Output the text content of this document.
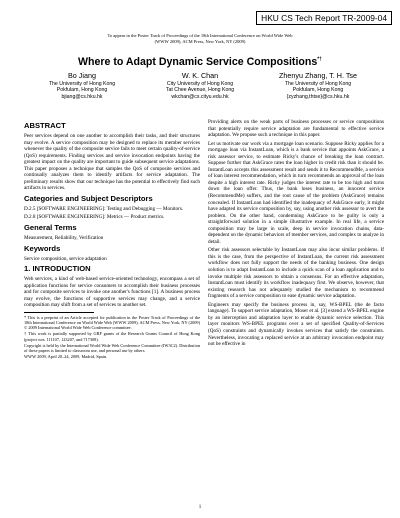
HKU CS Tech Report TR-2009-04
To appear in the Poster Track of Proceedings of the 18th International Conference on World Wide Web
(WWW 2009), ACM Press, New York, NY (2009)
Where to Adapt Dynamic Service Compositions*†
Bo Jiang
The University of Hong Kong
Pokfulam, Hong Kong
bjiang@cs.hku.hk
W. K. Chan
City University of Hong Kong
Tat Chee Avenue, Hong Kong
wkchan@cs.cityu.edu.hk
Zhenyu Zhang, T. H. Tse
The University of Hong Kong
Pokfulam, Hong Kong
{zyzhang,thtse}@cs.hku.hk
ABSTRACT

Peer services depend on one another to accomplish their tasks, and their structures may evolve. A service composition may be designed to replace its member services whenever the quality of the composite service fails to meet certain quality-of-service (QoS) requirements. Finding services and service invocation endpoints having the greatest impact on the quality are important to guide subsequent service adaptations. This paper proposes a technique that samples the QoS of composite services and continually analyzes them to identify artifacts for service adaptation. The preliminary results show that our technique has the potential to effectively find such artifacts in services.

Categories and Subject Descriptors

D.2.5 [SOFTWARE ENGINEERING]: Testing and Debugging — Monitors.

D.2.8 [SOFTWARE ENGINEERING]: Metrics — Product metrics.

General Terms

Measurement, Reliability, Verification

Keywords

Service composition, service adaptation

1. INTRODUCTION

Web services, a kind of web-based service-oriented technology, encompass a set of application functions for service consumers to accomplish their business processes and for composite services to invoke one another's functions [1]. A business process may evolve, the functions of supportive services may change, and a service composition may shift from a set of services to another set.

* This is a preprint of an Article accepted for publication in the Poster Track of Proceedings of the 18th International Conference on World Wide Web (WWW 2009), ACM Press, New York, NY (2009) © 2009 International World Wide Web Conference committee.

† This work is partially supported by GRF grants of the Research Grants Council of Hong Kong (project nos. 111107, 123207, and 717308).

Copyright is held by the International World Wide Web Conference Committee (IW3C2). Distribution of these papers is limited to classroom use, and personal use by others.

WWW 2009, April 20–24, 2009, Madrid, Spain.

Providing alerts on the weak parts of business processes or service compositions that potentially require service adaptation are fundamental to effective service adaptation. We propose such a technique in this paper.

Let us motivate our work via a mortgage loan scenario. Suppose Ricky applies for a mortgage loan via InstantLoan, which is a bank service that appoints AskGrace, a risk assessor service, to estimate Ricky's chance of breaking the loan contract. Suppose further that AskGrace rates the loan higher in credit risk than it should be. InstantLoan accepts this assessment result and sends it to RecommendMe, a service of loan interest recommendation, which in turn recommends an approval of the loan despite a high interest rate. Ricky judges the interest rate to be too high and turns down the loan offer. Thus, the bank loses business, an innocent service (RecommendMe) suffers, and the root cause of the problem (AskGrace) remains concealed. If InstantLoan had identified the inadequacy of AskGrace early, it might have adapted its service composition by, say, using another risk assessor to avert the problem. On the other hand, condemning AskGrace to be guilty is only a straightforward solution in a simple illustrative example. In real life, a service composition may be large in scale, deep in service invocation chains, data-dependent on the dynamic behaviors of member services, and complex to analyze in detail.

Other risk assessors selectable by InstantLoan may also incur similar problems. If this is the case, from the perspective of InstantLoan, the current risk assessment workflow does not fully support the needs of the banking business. One design solution is to adapt InstantLoan to include a quick scan of a loan application and to invoke multiple risk assessors to obtain a consensus. For an effective adaptation, InstantLoan must identify its workflow inadequacy first. We observe, however, that existing research has not adequately studied the mechanism to recommend fragments of a service composition to ease dynamic service adaptation.

Engineers may specify the business process in, say, WS-BPEL (the de facto language). To support service adaptation, Moser et al. [3] extend a WS-BPEL engine by an interception and adaptation layer to enable dynamic service selection. This layer monitors WS-BPEL programs over a set of specified Quality-of-Services (QoS) constraints and dynamically invokes services that satisfy the constraints. Nevertheless, invocating a replaced service at an arbitrary invocation endpoint may not be effective in

1
